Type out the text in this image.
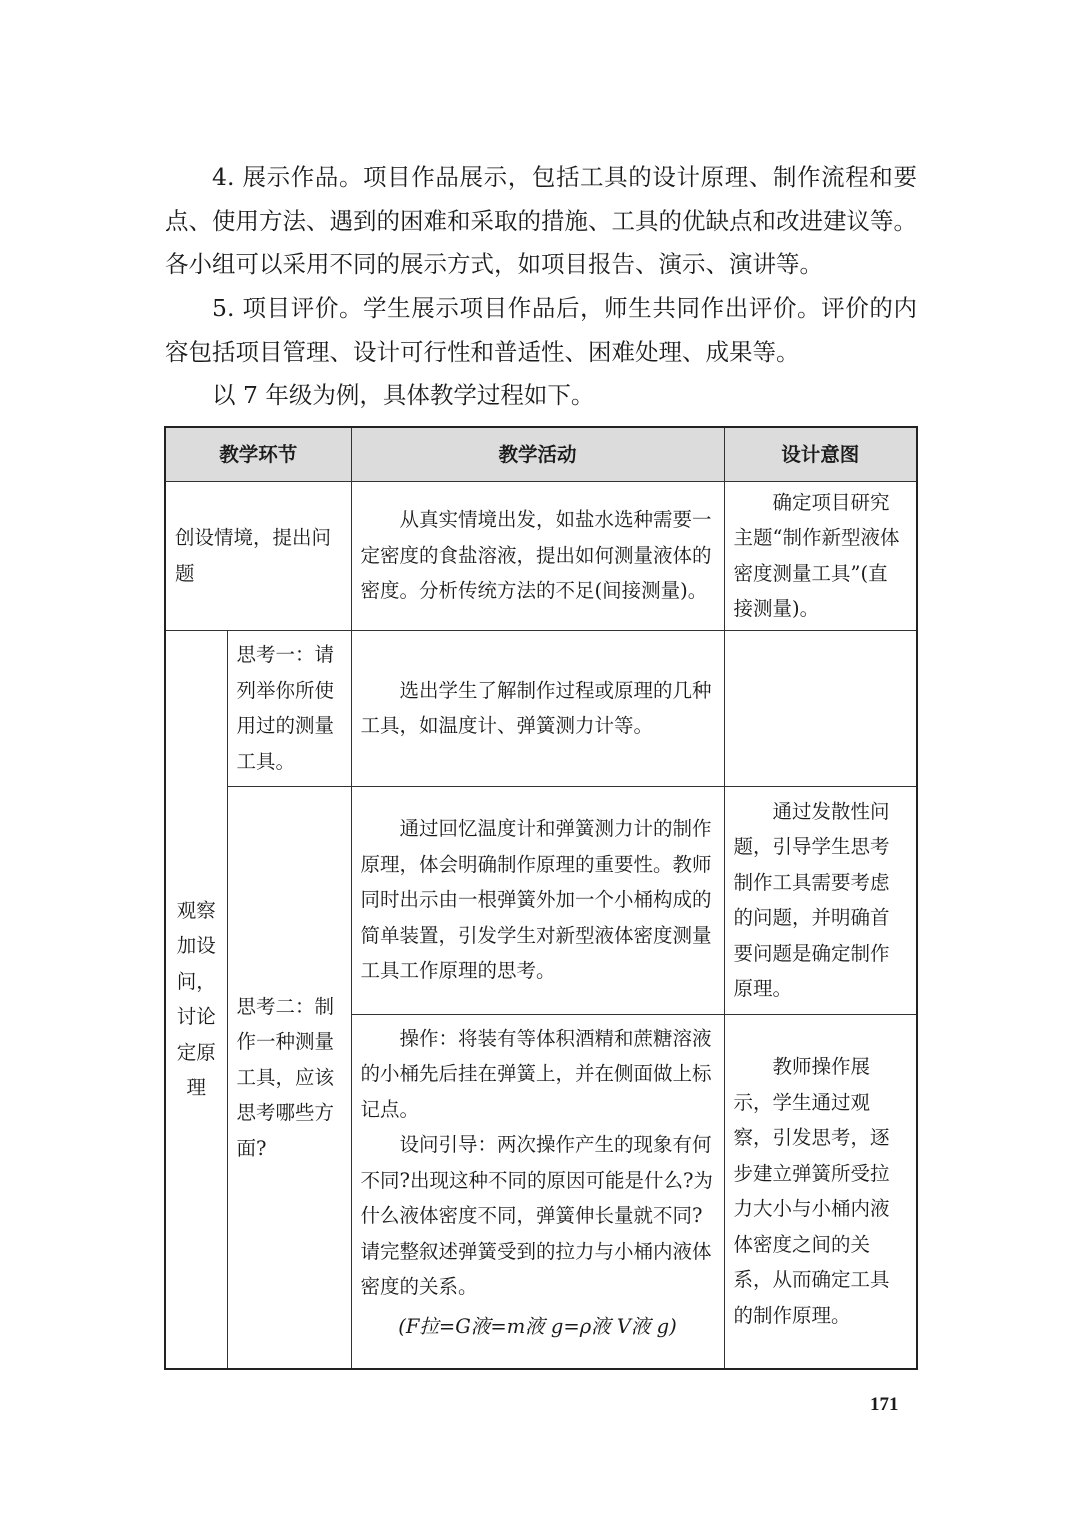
4. 展示作品。项目作品展示，包括工具的设计原理、制作流程和要点、使用方法、遇到的困难和采取的措施、工具的优缺点和改进建议等。各小组可以采用不同的展示方式，如项目报告、演示、演讲等。

5. 项目评价。学生展示项目作品后，师生共同作出评价。评价的内容包括项目管理、设计可行性和普适性、困难处理、成果等。

以 7 年级为例，具体教学过程如下。

教学环节		教学活动	设计意图
创设情境，提出问题		从真实情境出发，如盐水选种需要一定密度的食盐溶液，提出如何测量液体的密度。分析传统方法的不足(间接测量)。	确定项目研究主题“制作新型液体密度测量工具”(直接测量)。
观察加设问，讨论定原理	思考一：请列举你所使用过的测量工具。	选出学生了解制作过程或原理的几种工具，如温度计、弹簧测力计等。	
	思考二：制作一种测量工具，应该思考哪些方面?	通过回忆温度计和弹簧测力计的制作原理，体会明确制作原理的重要性。教师同时出示由一根弹簧外加一个小桶构成的简单装置，引发学生对新型液体密度测量工具工作原理的思考。	通过发散性问题，引导学生思考制作工具需要考虑的问题，并明确首要问题是确定制作原理。

		操作：将装有等体积酒精和蔗糖溶液的小桶先后挂在弹簧上，并在侧面做上标记点。
设问引导：两次操作产生的现象有何不同?出现这种不同的原因可能是什么?为什么液体密度不同，弹簧伸长量就不同?请完整叙述弹簧受到的拉力与小桶内液体密度的关系。
(F拉=G液=m液 g=ρ液 V液 g)	教师操作展示，学生通过观察，引发思考，逐步建立弹簧所受拉力大小与小桶内液体密度之间的关系，从而确定工具的制作原理。
171
